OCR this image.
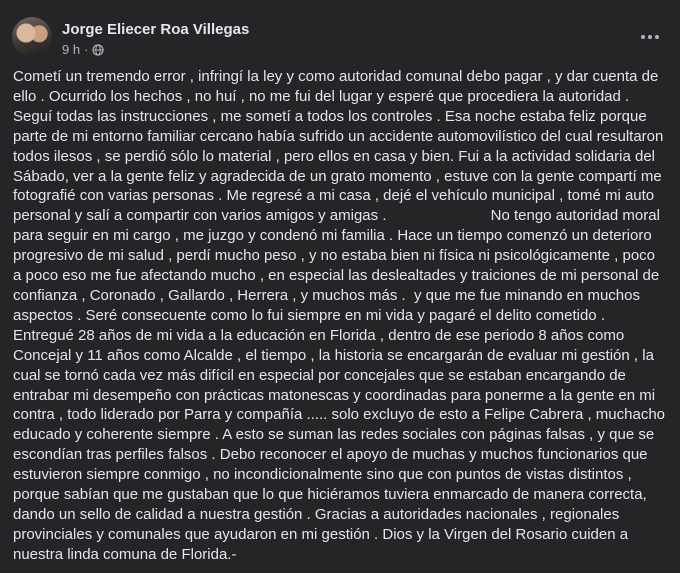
Jorge Eliecer Roa Villegas
9 h ·
Cometí un tremendo error , infringí la ley y como autoridad comunal debo pagar , y dar cuenta de ello . Ocurrido los hechos , no huí , no me fui del lugar y esperé que procediera la autoridad . Seguí todas las instrucciones , me sometí a todos los controles . Esa noche estaba feliz porque parte de mi entorno familiar cercano había sufrido un accidente automovilístico del cual resultaron todos ilesos , se perdió sólo lo material , pero ellos en casa y bien. Fui a la actividad solidaria del Sábado, ver a la gente feliz y agradecida de un grato momento , estuve con la gente compartí me fotografié con varias personas . Me regresé a mi casa , dejé el vehículo municipal , tomé mi auto personal y salí a compartir con varios amigos y amigas .                         No tengo autoridad moral para seguir en mi cargo , me juzgo y condenó mi familia . Hace un tiempo comenzó un deterioro progresivo de mi salud , perdí mucho peso , y no estaba bien ni física ni psicológicamente , poco a poco eso me fue afectando mucho , en especial las deslealtades y traiciones de mi personal de confianza , Coronado , Gallardo , Herrera , y muchos más .  y que me fue minando en muchos aspectos . Seré consecuente como lo fui siempre en mi vida y pagaré el delito cometido . Entregué 28 años de mi vida a la educación en Florida , dentro de ese periodo 8 años como Concejal y 11 años como Alcalde , el tiempo , la historia se encargarán de evaluar mi gestión , la cual se tornó cada vez más difícil en especial por concejales que se estaban encargando de entrabar mi desempeño con prácticas matonescas y coordinadas para ponerme a la gente en mi contra , todo liderado por Parra y compañía ..... solo excluyo de esto a Felipe Cabrera , muchacho educado y coherente siempre . A esto se suman las redes sociales con páginas falsas , y que se escondían tras perfiles falsos . Debo reconocer el apoyo de muchas y muchos funcionarios que estuvieron siempre conmigo , no incondicionalmente sino que con puntos de vistas distintos , porque sabían que me gustaban que lo que hiciéramos tuviera enmarcado de manera correcta, dando un sello de calidad a nuestra gestión . Gracias a autoridades nacionales , regionales provinciales y comunales que ayudaron en mi gestión . Dios y la Virgen del Rosario cuiden a nuestra linda comuna de Florida.-
